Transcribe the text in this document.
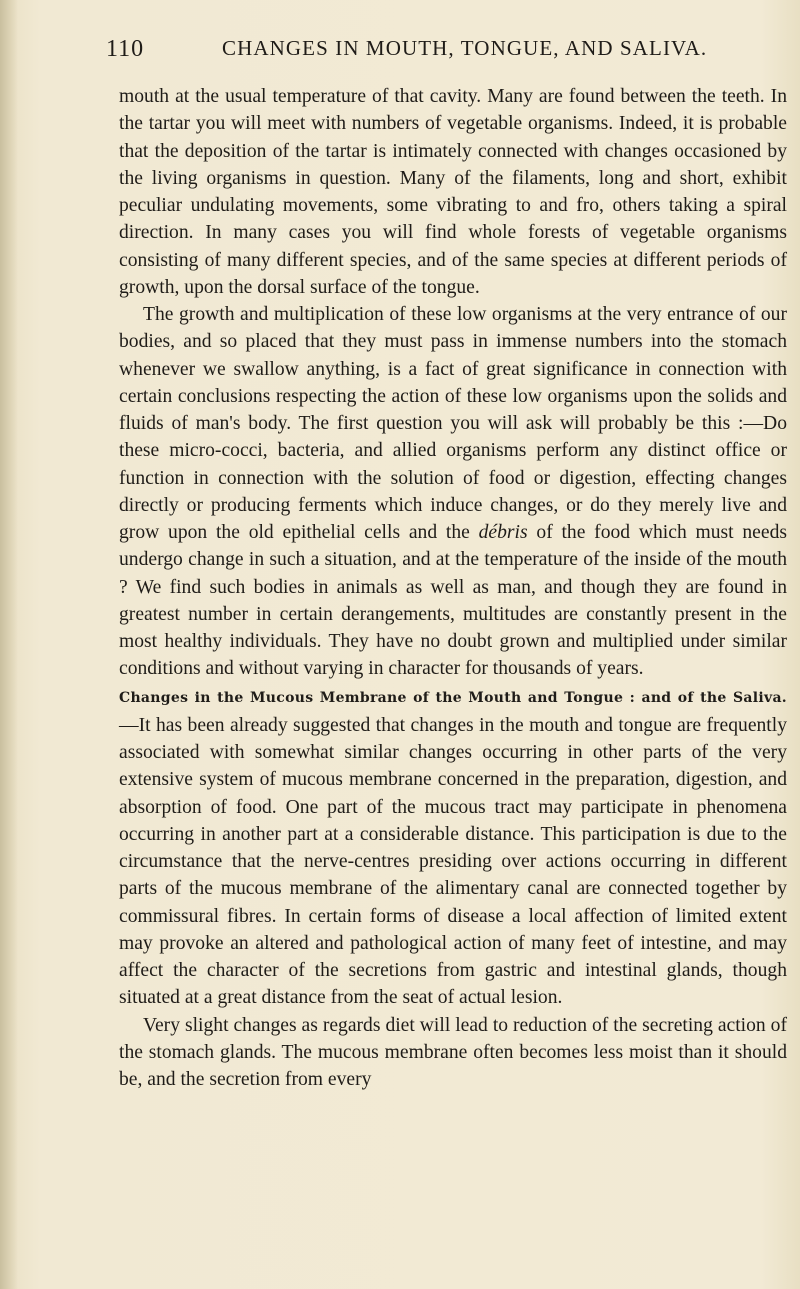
110	CHANGES IN MOUTH, TONGUE, AND SALIVA.

mouth at the usual temperature of that cavity. Many are found between the teeth. In the tartar you will meet with numbers of vegetable organisms. Indeed, it is probable that the deposition of the tartar is intimately connected with changes occasioned by the living organisms in question. Many of the filaments, long and short, exhibit peculiar undulating movements, some vibrating to and fro, others taking a spiral direction. In many cases you will find whole forests of vegetable organisms consisting of many different species, and of the same species at different periods of growth, upon the dorsal surface of the tongue.

The growth and multiplication of these low organisms at the very entrance of our bodies, and so placed that they must pass in immense numbers into the stomach whenever we swallow anything, is a fact of great significance in connection with certain conclusions respecting the action of these low organisms upon the solids and fluids of man's body. The first question you will ask will probably be this :—Do these micro-cocci, bacteria, and allied organisms perform any distinct office or function in connection with the solution of food or digestion, effecting changes directly or producing ferments which induce changes, or do they merely live and grow upon the old epithelial cells and the débris of the food which must needs undergo change in such a situation, and at the temperature of the inside of the mouth ? We find such bodies in animals as well as man, and though they are found in greatest number in certain derangements, multitudes are constantly present in the most healthy individuals. They have no doubt grown and multiplied under similar conditions and without varying in character for thousands of years.

Changes in the Mucous Membrane of the Mouth and Tongue : and of the Saliva.—It has been already suggested that changes in the mouth and tongue are frequently associated with somewhat similar changes occurring in other parts of the very extensive system of mucous membrane concerned in the preparation, digestion, and absorption of food. One part of the mucous tract may participate in phenomena occurring in another part at a considerable distance. This participation is due to the circumstance that the nerve-centres presiding over actions occurring in different parts of the mucous membrane of the alimentary canal are connected together by commissural fibres. In certain forms of disease a local affection of limited extent may provoke an altered and pathological action of many feet of intestine, and may affect the character of the secretions from gastric and intestinal glands, though situated at a great distance from the seat of actual lesion.

Very slight changes as regards diet will lead to reduction of the secreting action of the stomach glands. The mucous membrane often becomes less moist than it should be, and the secretion from every
